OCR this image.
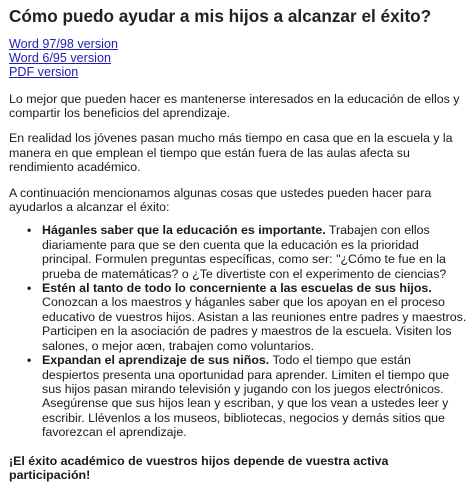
Cómo puedo ayudar a mis hijos a alcanzar el éxito?
Word 97/98 version
Word 6/95 version
PDF version

Lo mejor que pueden hacer es mantenerse interesados en la educación de ellos y compartir los beneficios del aprendizaje.

En realidad los jóvenes pasan mucho más tiempo en casa que en la escuela y la manera en que emplean el tiempo que están fuera de las aulas afecta su rendimiento académico.

A continuación mencionamos algunas cosas que ustedes pueden hacer para ayudarlos a alcanzar el éxito:

• Háganles saber que la educación es importante. Trabajen con ellos diariamente para que se den cuenta que la educación es la prioridad principal. Formulen preguntas específicas, como ser: "¿Cómo te fue en la prueba de matemáticas? o ¿Te divertiste con el experimento de ciencias?
• Estén al tanto de todo lo concerniente a las escuelas de sus hijos. Conozcan a los maestros y háganles saber que los apoyan en el proceso educativo de vuestros hijos. Asistan a las reuniones entre padres y maestros. Participen en la asociación de padres y maestros de la escuela. Visiten los salones, o mejor aœn, trabajen como voluntarios.
• Expandan el aprendizaje de sus niños. Todo el tiempo que están despiertos presenta una oportunidad para aprender. Limiten el tiempo que sus hijos pasan mirando televisión y jugando con los juegos electrónicos. Asegúrense que sus hijos lean y escriban, y que los vean a ustedes leer y escribir. Llévenlos a los museos, bibliotecas, negocios y demás sitios que favorezcan el aprendizaje.

¡El éxito académico de vuestros hijos depende de vuestra activa participación!
